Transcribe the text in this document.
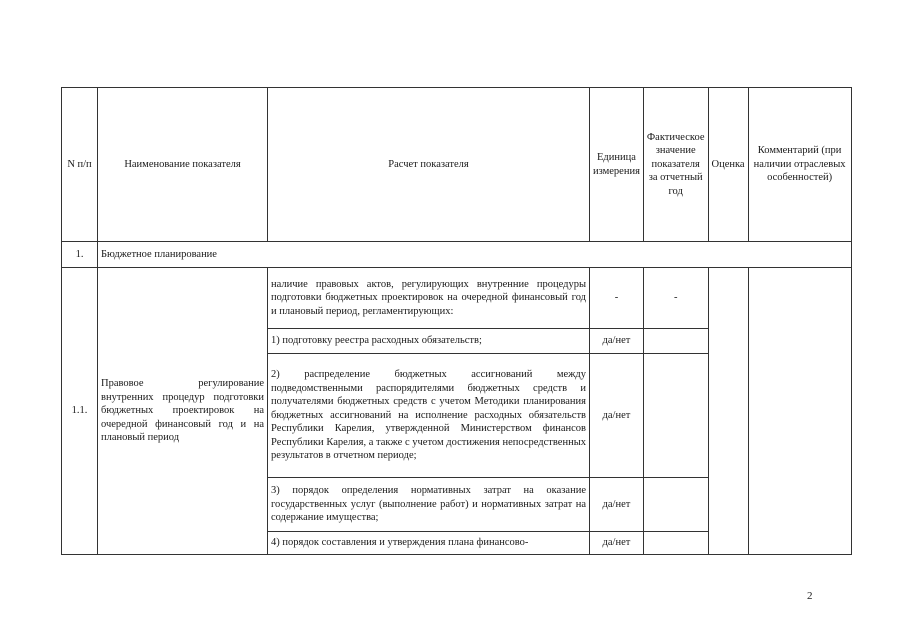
N п/п	Наименование показателя	Расчет показателя	Единица измерения	Фактическое значение показателя за отчетный год	Оценка	Комментарий (при наличии отраслевых особенностей)
1.	Бюджетное планирование					
1.1.	Правовое регулирование внутренних процедур подготовки бюджетных проектировок на очередной финансовый год и на плановый период	наличие правовых актов, регулирующих внутренние процедуры подготовки бюджетных проектировок на очередной финансовый год и плановый период, регламентирующих:	-	-		
		1) подготовку реестра расходных обязательств;	да/нет			
		2) распределение бюджетных ассигнований между подведомственными распорядителями бюджетных средств и получателями бюджетных средств с учетом Методики планирования бюджетных ассигнований на исполнение расходных обязательств Республики Карелия, утвержденной Министерством финансов Республики Карелия, а также с учетом достижения непосредственных результатов в отчетном периоде;	да/нет			
		3) порядок определения нормативных затрат на оказание государственных услуг (выполнение работ) и нормативных затрат на содержание имущества;	да/нет			
		4) порядок составления и утверждения плана финансово-	да/нет			
2
